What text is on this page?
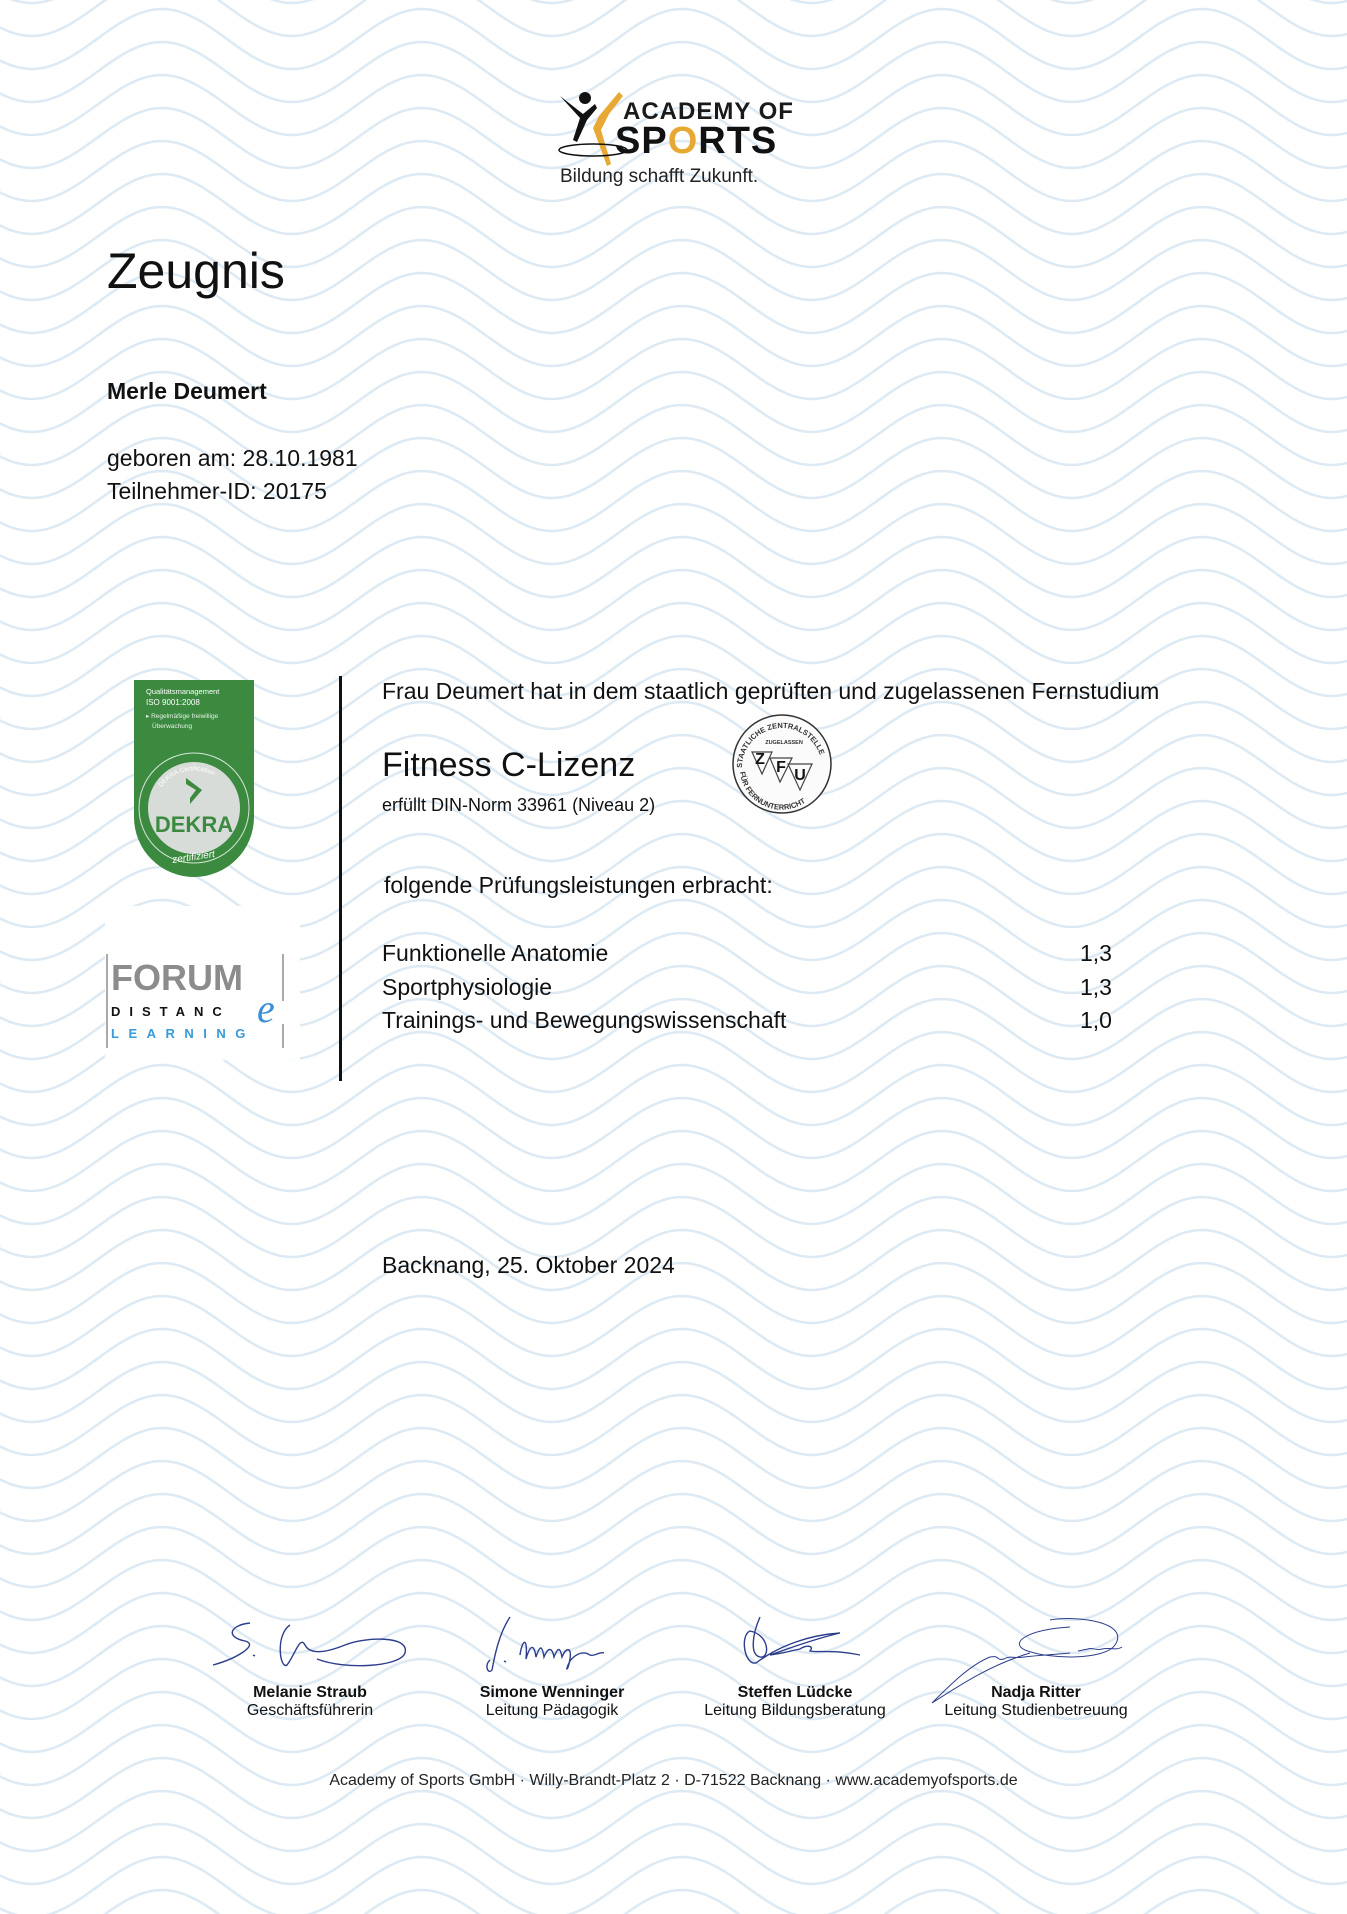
ACADEMY OF
SPORTS
Bildung schafft Zukunft.
Zeugnis
Merle Deumert
geboren am: 28.10.1981
Teilnehmer-ID: 20175
Qualitätsmanagement
ISO 9001:2008
▸ Regelmäßige freiwillige
Überwachung
DEKRA Certification
DEKRA
zertifiziert
FORUM
DISTANC e
LEARNING
Frau Deumert hat in dem staatlich geprüften und zugelassenen Fernstudium
Fitness C-Lizenz
erfüllt DIN-Norm 33961 (Niveau 2)
STAATLICHE ZENTRALSTELLE
FÜR FERNUNTERRICHT
ZUGELASSEN
Z F U
folgende Prüfungsleistungen erbracht:
Funktionelle Anatomie	1,3
Sportphysiologie	1,3
Trainings- und Bewegungswissenschaft	1,0
Backnang, 25. Oktober 2024
Melanie Straub
Geschäftsführerin
Simone Wenninger
Leitung Pädagogik
Steffen Lüdcke
Leitung Bildungsberatung
Nadja Ritter
Leitung Studienbetreuung
Academy of Sports GmbH · Willy-Brandt-Platz 2 · D-71522 Backnang · www.academyofsports.de
